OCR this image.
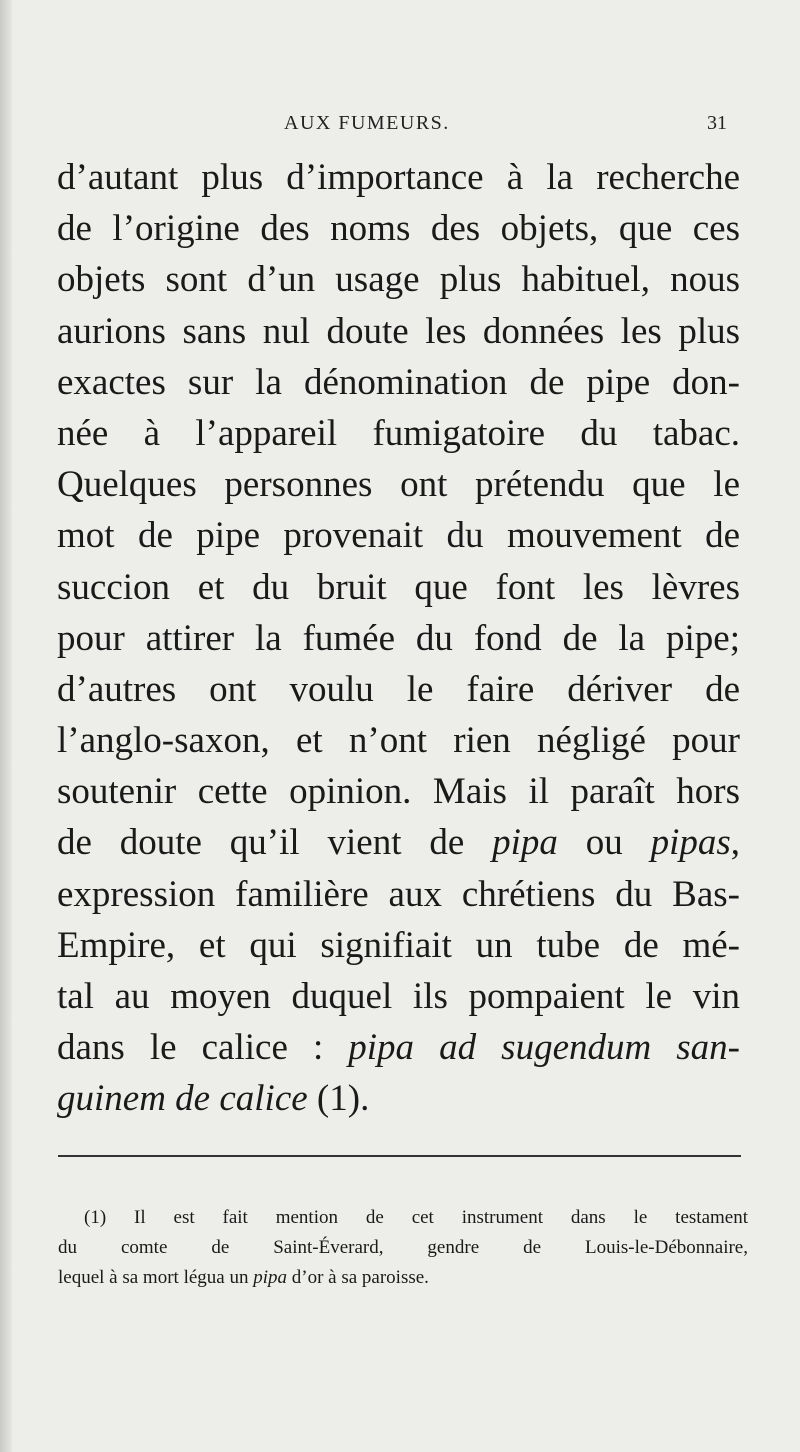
AUX FUMEURS.	31
d’autant plus d’importance à la recherche
de l’origine des noms des objets, que ces
objets sont d’un usage plus habituel, nous
aurions sans nul doute les données les plus
exactes sur la dénomination de pipe don-
née à l’appareil fumigatoire du tabac.
Quelques personnes ont prétendu que le
mot de pipe provenait du mouvement de
succion et du bruit que font les lèvres
pour attirer la fumée du fond de la pipe;
d’autres ont voulu le faire dériver de
l’anglo-saxon, et n’ont rien négligé pour
soutenir cette opinion. Mais il paraît hors
de doute qu’il vient de pipa ou pipas,
expression familière aux chrétiens du Bas-
Empire, et qui signifiait un tube de mé-
tal au moyen duquel ils pompaient le vin
dans le calice : pipa ad sugendum san-
guinem de calice (1).
(1) Il est fait mention de cet instrument dans le testament
du comte de Saint-Éverard, gendre de Louis-le-Débonnaire,
lequel à sa mort légua un pipa d’or à sa paroisse.
